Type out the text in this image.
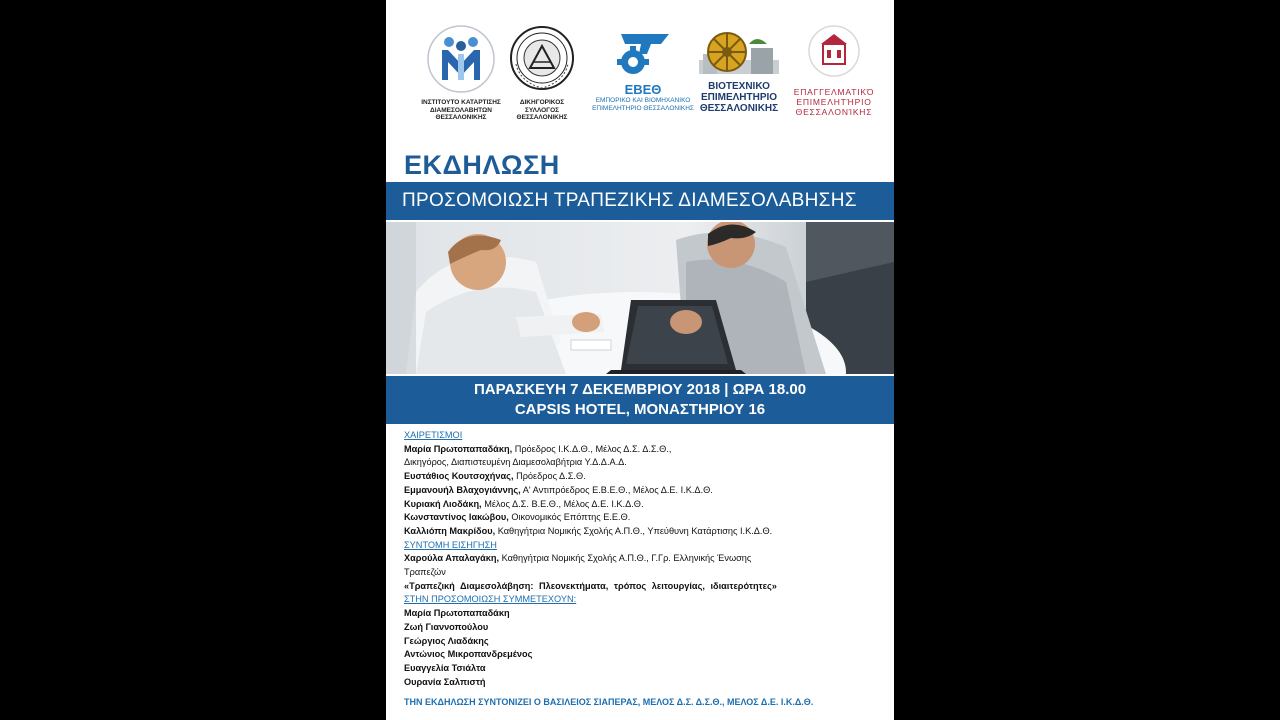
ΙΝΣΤΙΤΟΥΤΟ ΚΑΤΑΡΤΙΣΗΣ
ΔΙΑΜΕΣΟΛΑΒΗΤΩΝ
ΘΕΣΣΑΛΟΝΙΚΗΣ
ΔΙΚΗΓΟΡΙΚΟΣ
ΣΥΛΛΟΓΟΣ
ΘΕΣΣΑΛΟΝΙΚΗΣ
ΕΒΕΘ
ΕΜΠΟΡΙΚΟ ΚΑΙ ΒΙΟΜΗΧΑΝΙΚΟ
ΕΠΙΜΕΛΗΤΗΡΙΟ ΘΕΣΣΑΛΟΝΙΚΗΣ
ΒΙΟΤΕΧΝΙΚΟ
ΕΠΙΜΕΛΗΤΗΡΙΟ
ΘΕΣΣΑΛΟΝΙΚΗΣ
ΕΠΑΓΓΕΛΜΑΤΙΚΌ
ΕΠΙΜΕΛΗΤΉΡΙΟ
ΘΕΣΣΑΛΟΝΊΚΗΣ
ΕΚΔΗΛΩΣΗ
ΠΡΟΣΟΜΟΙΩΣΗ ΤΡΑΠΕΖΙΚΗΣ ΔΙΑΜΕΣΟΛΑΒΗΣΗΣ
ΠΑΡΑΣΚΕΥΗ 7 ΔΕΚΕΜΒΡΙΟΥ 2018 | ΩΡΑ 18.00
CAPSIS HOTEL, ΜΟΝΑΣΤΗΡΙΟΥ 16
ΧΑΙΡΕΤΙΣΜΟΙ
Μαρία Πρωτοπαπαδάκη, Πρόεδρος Ι.Κ.Δ.Θ., Μέλος Δ.Σ. Δ.Σ.Θ.,
Δικηγόρος, Διαπιστευμένη Διαμεσολαβήτρια Υ.Δ.Δ.Α.Δ.
Ευστάθιος Κουτσοχήνας, Πρόεδρος Δ.Σ.Θ.
Εμμανουήλ Βλαχογιάννης, Α' Αντιπρόεδρος Ε.Β.Ε.Θ., Μέλος Δ.Ε. Ι.Κ.Δ.Θ.
Κυριακή Λιοδάκη, Μέλος Δ.Σ. Β.Ε.Θ., Μέλος Δ.Ε. Ι.Κ.Δ.Θ.
Κωνσταντίνος Ιακώβου, Οικονομικός Επόπτης Ε.Ε.Θ.
Καλλιόπη Μακρίδου, Καθηγήτρια Νομικής Σχολής Α.Π.Θ., Υπεύθυνη Κατάρτισης Ι.Κ.Δ.Θ.
ΣΥΝΤΟΜΗ ΕΙΣΗΓΗΣΗ
Χαρούλα Απαλαγάκη, Καθηγήτρια Νομικής Σχολής Α.Π.Θ., Γ.Γρ. Ελληνικής Ένωσης
Τραπεζών
«Τραπεζική Διαμεσολάβηση: Πλεονεκτήματα, τρόπος λειτουργίας, ιδιαιτερότητες»
ΣΤΗΝ ΠΡΟΣΟΜΟΙΩΣΗ ΣΥΜΜΕΤΕΧΟΥΝ:
Μαρία Πρωτοπαπαδάκη
Ζωή Γιαννοπούλου
Γεώργιος Λιαδάκης
Αντώνιος Μικροπανδρεμένος
Ευαγγελία Τσιάλτα
Ουρανία Σαλπιστή
ΤΗΝ ΕΚΔΗΛΩΣΗ ΣΥΝΤΟΝΙΖΕΙ Ο ΒΑΣΙΛΕΙΟΣ ΣΙΑΠΕΡΑΣ, ΜΕΛΟΣ Δ.Σ. Δ.Σ.Θ., ΜΕΛΟΣ Δ.Ε. Ι.Κ.Δ.Θ.
